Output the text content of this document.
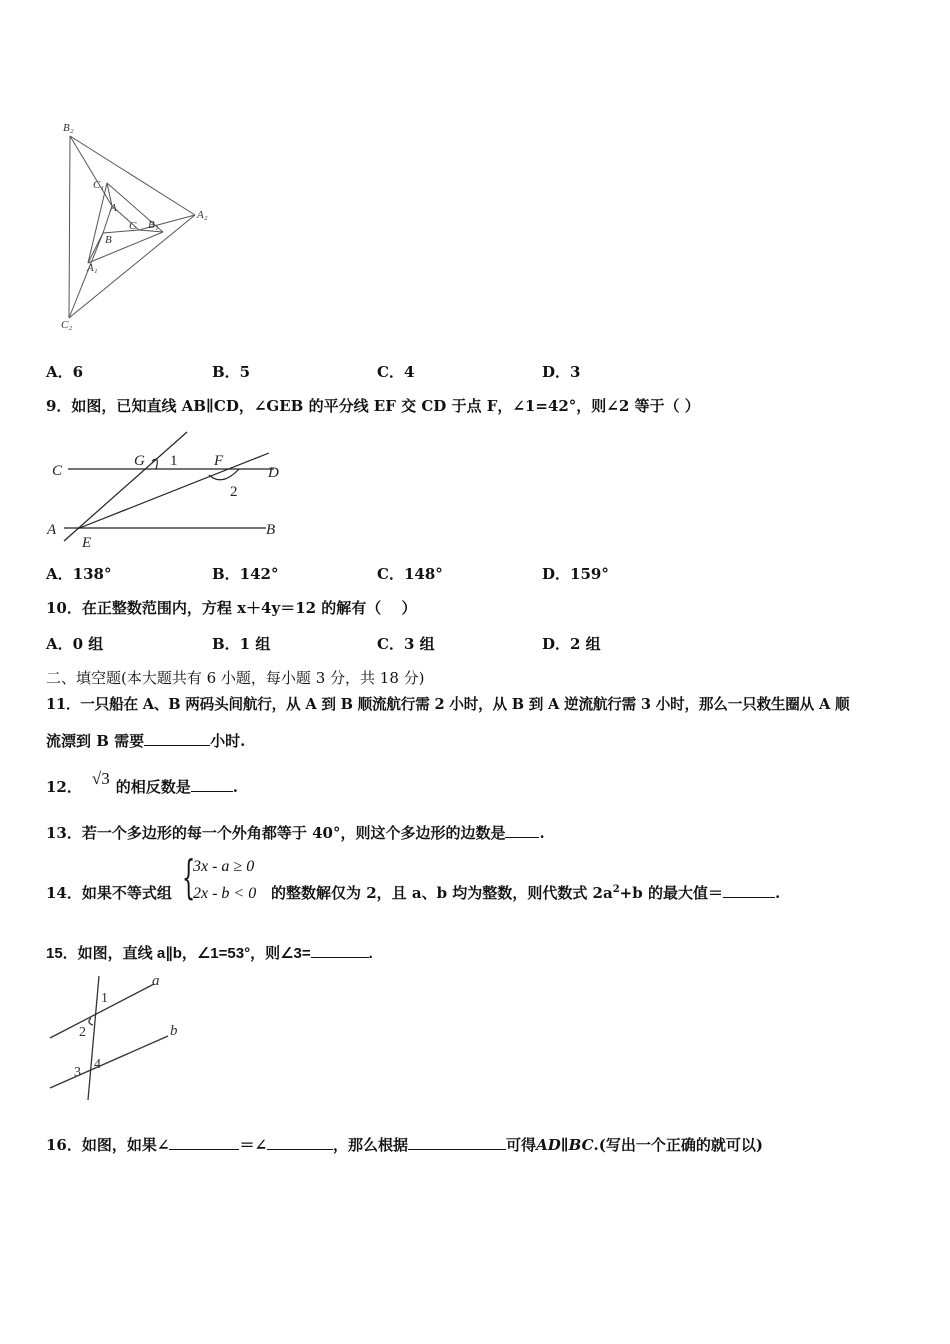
B₂
C₁
A
C B₁
A₂
B
A₁
C₂
A．6	B．5	C．4	D．3
9．如图，已知直线 AB∥CD，∠GEB 的平分线 EF 交 CD 于点 F，∠1=42°，则∠2 等于（ ）
C
G 1 F
D
2
A
E
B
A．138°	B．142°	C．148°	D．159°
10．在正整数范围内，方程 x＋4y＝12 的解有（　 ）
A．0 组	B．1 组	C．3 组	D．2 组
二、填空题(本大题共有 6 小题，每小题 3 分，共 18 分)
11．一只船在 A、B 两码头间航行，从 A 到 B 顺流航行需 2 小时，从 B 到 A 逆流航行需 3 小时，那么一只救生圈从 A 顺
流漂到 B 需要	小时.
12． √3 的相反数是	.
13．若一个多边形的每一个外角都等于 40°，则这个多边形的边数是 .
14．如果不等式组 {
3x - a ≥ 0
2x - b < 0 的整数解仅为 2，且 a、b 均为整数，则代数式 $2a^2+b$ 的最大值＝	.
15．如图，直线 a∥b，∠1=53°，则∠3=	.
a
b
1
2
3
4
16．如图，如果∠	＝∠	，那么根据	可得AD∥BC.(写出一个正确的就可以)
